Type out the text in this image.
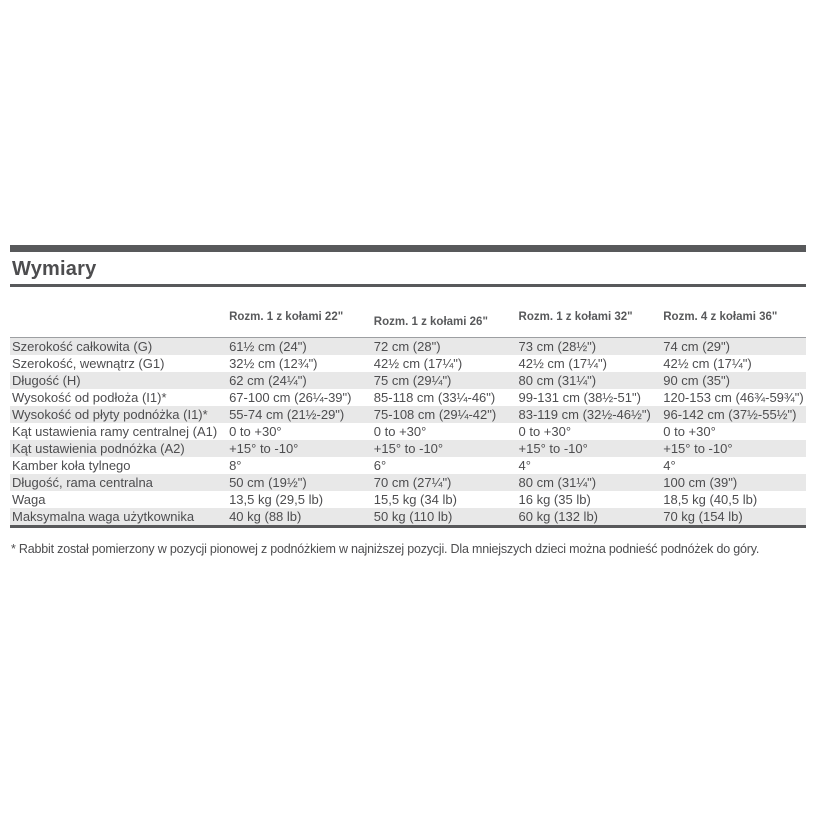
Wymiary
	Rozm. 1 z kołami 22"	Rozm. 1 z kołami 26"	Rozm. 1 z kołami 32"	Rozm. 4 z kołami 36"
Szerokość całkowita (G)	61½ cm (24")	72 cm (28")	73 cm (28½")	74 cm (29")
Szerokość, wewnątrz (G1)	32½ cm (12¾")	42½ cm (17¼")	42½ cm (17¼")	42½ cm (17¼")
Długość (H)	62 cm (24¼")	75 cm (29¼")	80 cm (31¼")	90 cm (35")
Wysokość od podłoża (I1)*	67-100 cm (26¼-39")	85-118 cm (33¼-46")	99-131 cm (38½-51")	120-153 cm (46¾-59¾")
Wysokość od płyty podnóżka (I1)*	55-74 cm (21½-29")	75-108 cm (29¼-42")	83-119 cm (32½-46½")	96-142 cm (37½-55½")
Kąt ustawienia ramy centralnej (A1)	0 to +30°	0 to +30°	0 to +30°	0 to +30°
Kąt ustawienia podnóżka (A2)	+15° to -10°	+15° to -10°	+15° to -10°	+15° to -10°
Kamber koła tylnego	8°	6°	4°	4°
Długość, rama centralna	50 cm (19½")	70 cm (27¼")	80 cm (31¼")	100 cm (39")
Waga	13,5 kg (29,5 lb)	15,5 kg (34 lb)	16 kg (35 lb)	18,5 kg (40,5 lb)
Maksymalna waga użytkownika	40 kg (88 lb)	50 kg (110 lb)	60 kg (132 lb)	70 kg (154 lb)

* Rabbit został pomierzony w pozycji pionowej z podnóżkiem w najniższej pozycji. Dla mniejszych dzieci można podnieść podnóżek do góry.
